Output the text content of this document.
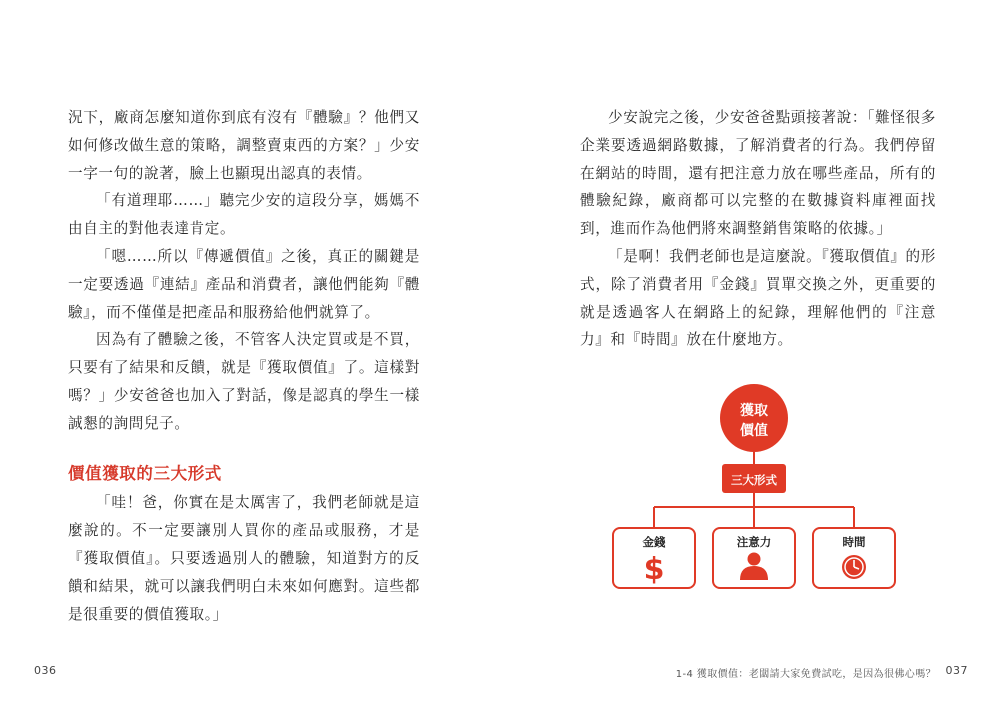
況下，廠商怎麼知道你到底有沒有『體驗』？他們又如何修改做生意的策略，調整賣東西的方案？」少安一字一句的說著，臉上也顯現出認真的表情。

「有道理耶……」聽完少安的這段分享，媽媽不由自主的對他表達肯定。

「嗯……所以『傳遞價值』之後，真正的關鍵是一定要透過『連結』產品和消費者，讓他們能夠『體驗』，而不僅僅是把產品和服務給他們就算了。

因為有了體驗之後，不管客人決定買或是不買，只要有了結果和反饋，就是『獲取價值』了。這樣對嗎？」少安爸爸也加入了對話，像是認真的學生一樣誠懇的詢問兒子。

價值獲取的三大形式

「哇！爸，你實在是太厲害了，我們老師就是這麼說的。不一定要讓別人買你的產品或服務，才是『獲取價值』。只要透過別人的體驗，知道對方的反饋和結果，就可以讓我們明白未來如何應對。這些都是很重要的價值獲取。」

036

少安說完之後，少安爸爸點頭接著說：「難怪很多企業要透過網路數據，了解消費者的行為。我們停留在網站的時間，還有把注意力放在哪些產品，所有的體驗紀錄，廠商都可以完整的在數據資料庫裡面找到，進而作為他們將來調整銷售策略的依據。」

「是啊！我們老師也是這麼說。『獲取價值』的形式，除了消費者用『金錢』買單交換之外，更重要的就是透過客人在網路上的紀錄，理解他們的『注意力』和『時間』放在什麼地方。

$
獲取
價值
三大形式
金錢	注意力	時間
1-4 獲取價值：老闆請大家免費試吃，是因為很佛心嗎？ 037
